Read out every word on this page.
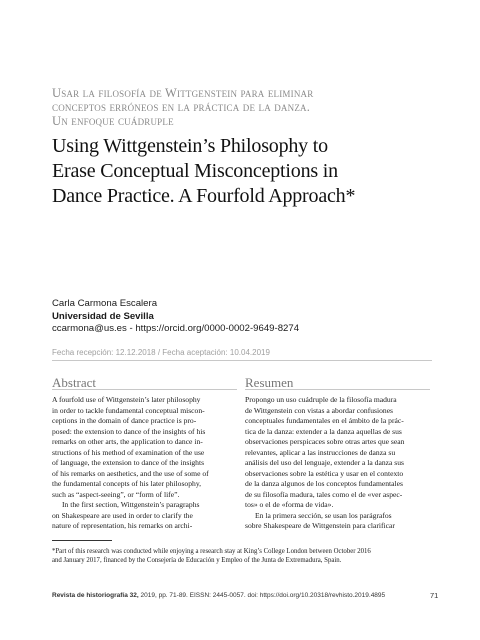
Usar la filosofía de Wittgenstein para eliminar
conceptos erróneos en la práctica de la danza.
Un enfoque cuádruple
Using Wittgenstein’s Philosophy to
Erase Conceptual Misconceptions in
Dance Practice. A Fourfold Approach*
Carla Carmona Escalera
Universidad de Sevilla
ccarmona@us.es - https://orcid.org/0000-0002-9649-8274
Fecha recepción: 12.12.2018 / Fecha aceptación: 10.04.2019
Abstract	Resumen
A fourfold use of Wittgenstein’s later philosophy
in order to tackle fundamental conceptual miscon-
ceptions in the domain of dance practice is pro-
posed: the extension to dance of the insights of his
remarks on other arts, the application to dance in-
structions of his method of examination of the use
of language, the extension to dance of the insights
of his remarks on aesthetics, and the use of some of
the fundamental concepts of his later philosophy,
such as “aspect-seeing”, or “form of life”.
In the first section, Wittgenstein’s paragraphs
on Shakespeare are used in order to clarify the
nature of representation, his remarks on archi-
Propongo un uso cuádruple de la filosofía madura
de Wittgenstein con vistas a abordar confusiones
conceptuales fundamentales en el ámbito de la prác-
tica de la danza: extender a la danza aquellas de sus
observaciones perspicaces sobre otras artes que sean
relevantes, aplicar a las instrucciones de danza su
análisis del uso del lenguaje, extender a la danza sus
observaciones sobre la estética y usar en el contexto
de la danza algunos de los conceptos fundamentales
de su filosofía madura, tales como el de «ver aspec-
tos» o el de «forma de vida».
En la primera sección, se usan los parágrafos
sobre Shakespeare de Wittgenstein para clarificar
*Part of this research was conducted while enjoying a research stay at King’s College London between October 2016
and January 2017, financed by the Consejería de Educación y Empleo of the Junta de Extremadura, Spain.
Revista de historiografía 32, 2019, pp. 71-89. EISSN: 2445-0057. doi: https://doi.org/10.20318/revhisto.2019.4895	71
